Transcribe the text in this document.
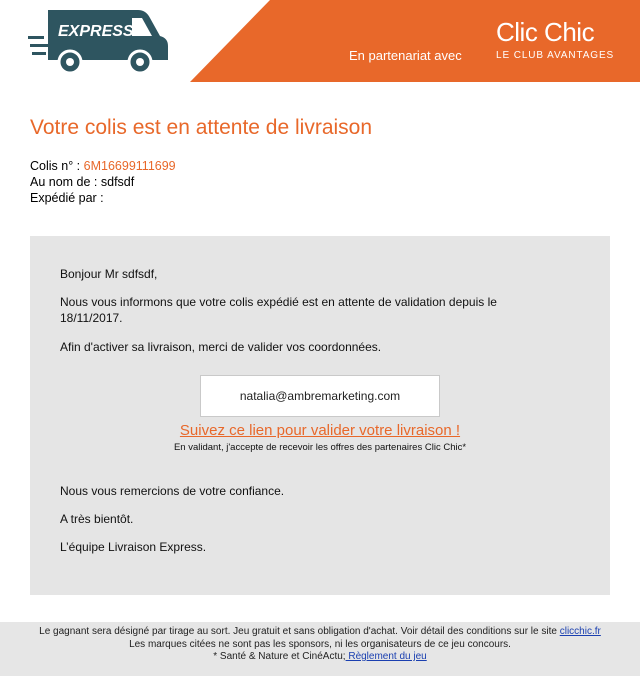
EXPRESS
En partenariat avec
Clic Chic
LE CLUB AVANTAGES
Votre colis est en attente de livraison
Colis n° : 6M16699111699
Au nom de : sdfsdf
Expédié par :
Bonjour Mr sdfsdf,
Nous vous informons que votre colis expédié est en attente de validation depuis le
18/11/2017.
Afin d'activer sa livraison, merci de valider vos coordonnées.
natalia@ambremarketing.com
Suivez ce lien pour valider votre livraison !
En validant, j'accepte de recevoir les offres des partenaires Clic Chic*
Nous vous remercions de votre confiance.
A très bientôt.
L’équipe Livraison Express.
Le gagnant sera désigné par tirage au sort. Jeu gratuit et sans obligation d'achat. Voir détail des conditions sur le site clicchic.fr
Les marques citées ne sont pas les sponsors, ni les organisateurs de ce jeu concours.
* Santé & Nature et CinéActu; Règlement du jeu
